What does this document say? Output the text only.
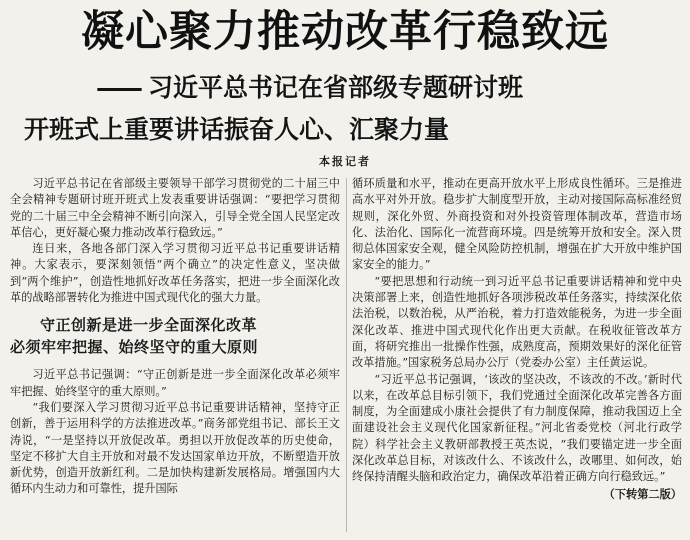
凝心聚力推动改革行稳致远
—— 习近平总书记在省部级专题研讨班
开班式上重要讲话振奋人心、汇聚力量
本报记者

习近平总书记在省部级主要领导干部学习贯彻党的二十届三中全会精神专题研讨班开班式上发表重要讲话强调：“要把学习贯彻党的二十届三中全会精神不断引向深入，引导全党全国人民坚定改革信心，更好凝心聚力推动改革行稳致远。”

连日来，各地各部门深入学习贯彻习近平总书记重要讲话精神。大家表示，要深刻领悟“两个确立”的决定性意义，坚决做到“两个维护”，创造性地抓好改革任务落实，把进一步全面深化改革的战略部署转化为推进中国式现代化的强大力量。

守正创新是进一步全面深化改革
必须牢牢把握、始终坚守的重大原则

习近平总书记强调：“守正创新是进一步全面深化改革必须牢牢把握、始终坚守的重大原则。”

“我们要深入学习贯彻习近平总书记重要讲话精神，坚持守正创新，善于运用科学的方法推进改革。”商务部党组书记、部长王文涛说，“一是坚持以开放促改革。勇担以开放促改革的历史使命，坚定不移扩大自主开放和对最不发达国家单边开放，不断塑造开放新优势，创造开放新红利。二是加快构建新发展格局。增强国内大循环内生动力和可靠性，提升国际

循环质量和水平，推动在更高开放水平上形成良性循环。三是推进高水平对外开放。稳步扩大制度型开放，主动对接国际高标准经贸规则，深化外贸、外商投资和对外投资管理体制改革，营造市场化、法治化、国际化一流营商环境。四是统筹开放和安全。深入贯彻总体国家安全观，健全风险防控机制，增强在扩大开放中维护国家安全的能力。”

“要把思想和行动统一到习近平总书记重要讲话精神和党中央决策部署上来，创造性地抓好各项涉税改革任务落实，持续深化依法治税，以数治税，从严治税，着力打造效能税务，为进一步全面深化改革、推进中国式现代化作出更大贡献。在税收征管改革方面，将研究推出一批操作性强，成熟度高，预期效果好的深化征管改革措施。”国家税务总局办公厅（党委办公室）主任黄运说。

“习近平总书记强调，‘该改的坚决改，不该改的不改。’新时代以来，在改革总目标引领下，我们党通过全面深化改革完善各方面制度，为全面建成小康社会提供了有力制度保障，推动我国迈上全面建设社会主义现代化国家新征程。”河北省委党校（河北行政学院）科学社会主义教研部教授王英杰说，“我们要锚定进一步全面深化改革总目标，对该改什么、不该改什么，改哪里、如何改，始终保持清醒头脑和政治定力，确保改革沿着正确方向行稳致远。”
（下转第二版）
